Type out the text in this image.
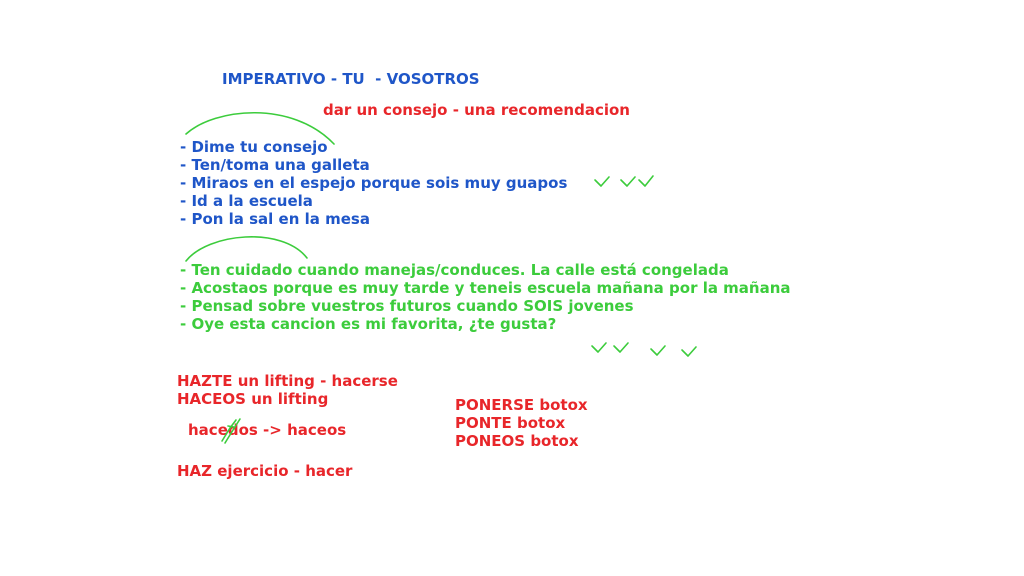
IMPERATIVO - TU  - VOSOTROS
dar un consejo - una recomendacion
- Dime tu consejo
- Ten/toma una galleta
- Miraos en el espejo porque sois muy guapos
- Id a la escuela
- Pon la sal en la mesa
- Ten cuidado cuando manejas/conduces. La calle está congelada
- Acostaos porque es muy tarde y teneis escuela mañana por la mañana
- Pensad sobre vuestros futuros cuando SOIS jovenes
- Oye esta cancion es mi favorita, ¿te gusta?
HAZTE un lifting - hacerse
HACEOS un lifting
hacedos -> haceos
HAZ ejercicio - hacer
PONERSE botox
PONTE botox
PONEOS botox
